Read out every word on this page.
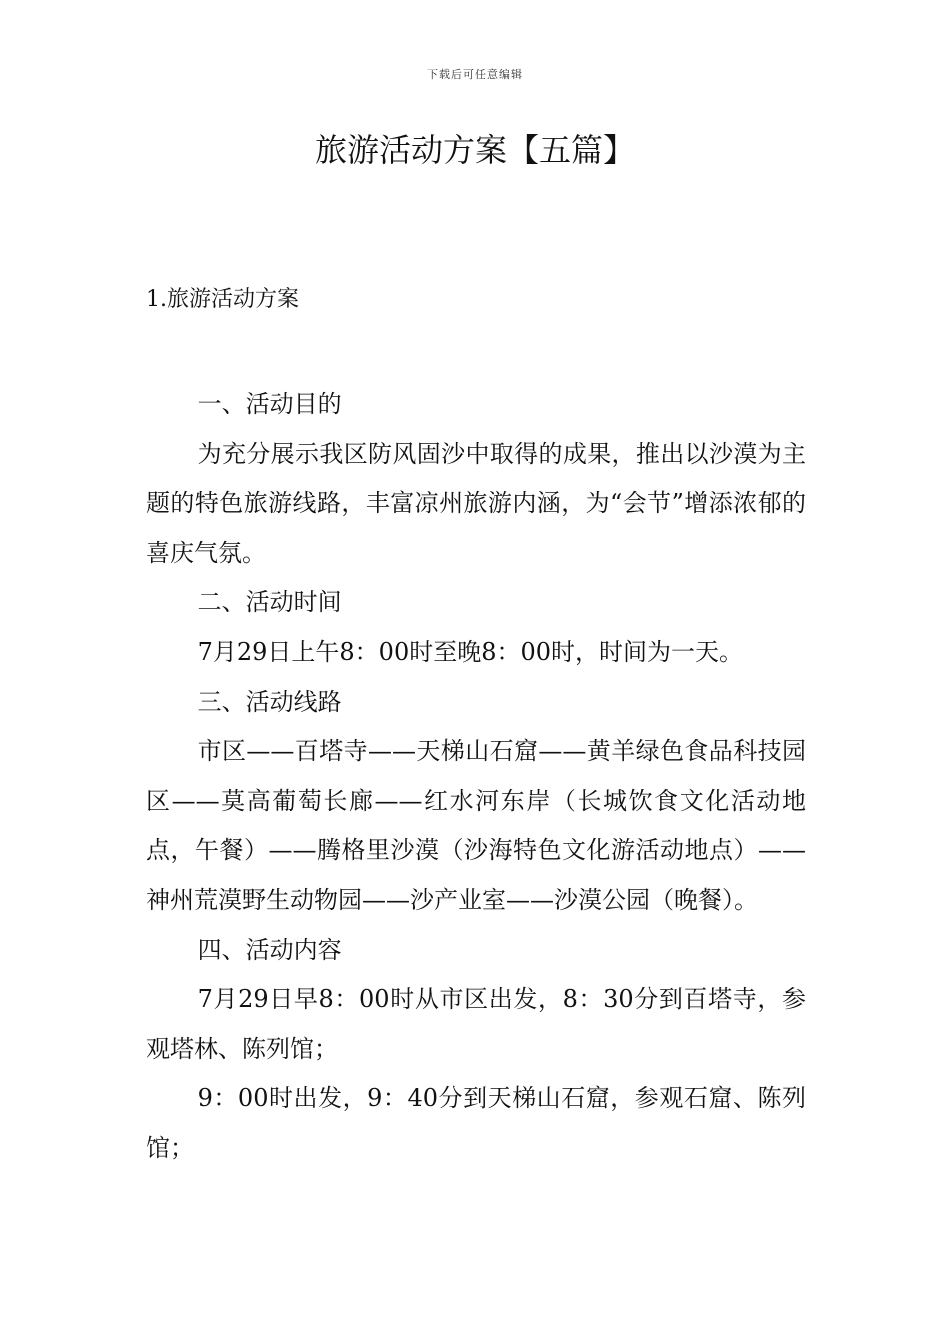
下载后可任意编辑
旅游活动方案【五篇】
1.旅游活动方案

一、活动目的

为充分展示我区防风固沙中取得的成果，推出以沙漠为主题的特色旅游线路，丰富凉州旅游内涵，为“会节”增添浓郁的喜庆气氛。

二、活动时间

7月29日上午8：00时至晚8：00时，时间为一天。

三、活动线路

市区——百塔寺——天梯山石窟——黄羊绿色食品科技园区——莫高葡萄长廊——红水河东岸（长城饮食文化活动地点，午餐）——腾格里沙漠（沙海特色文化游活动地点）——神州荒漠野生动物园——沙产业室——沙漠公园（晚餐）。

四、活动内容

7月29日早8：00时从市区出发，8：30分到百塔寺，参观塔林、陈列馆；

9：00时出发，9：40分到天梯山石窟，参观石窟、陈列馆；
